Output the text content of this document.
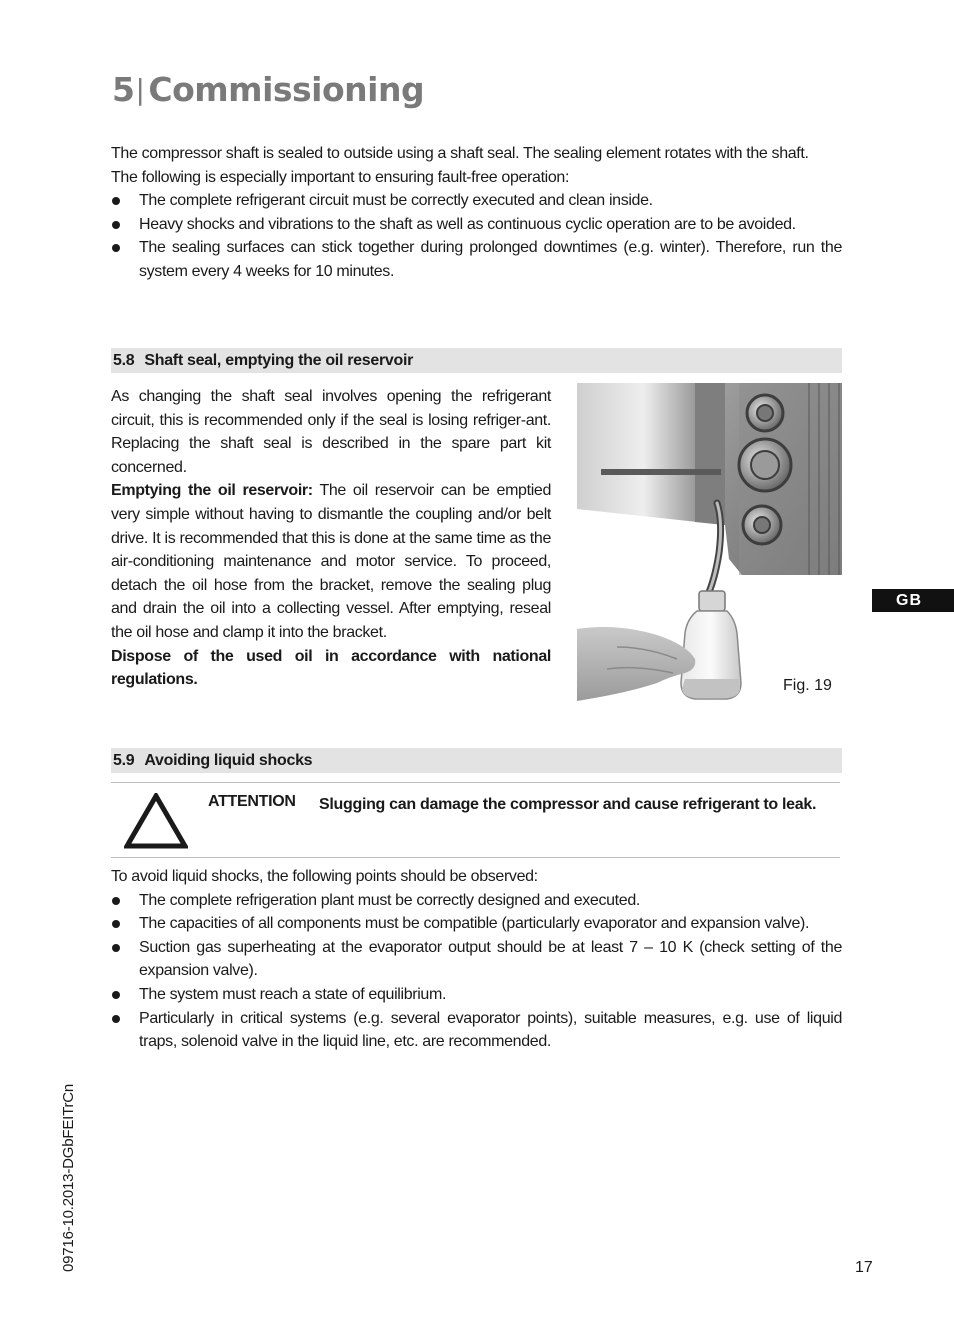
5| Commissioning

The compressor shaft is sealed to outside using a shaft seal. The sealing element rotates with the shaft.

The following is especially important to ensuring fault-free operation:

The complete refrigerant circuit must be correctly executed and clean inside.
Heavy shocks and vibrations to the shaft as well as continuous cyclic operation are to be avoided.
The sealing surfaces can stick together during prolonged downtimes (e.g. winter). Therefore, run the system every 4 weeks for 10 minutes.
5.8 Shaft seal, emptying the oil reservoir

As changing the shaft seal involves opening the refrigerant circuit, this is recommended only if the seal is losing refriger-ant. Replacing the shaft seal is described in the spare part kit concerned.

Emptying the oil reservoir: The oil reservoir can be emptied very simple without having to dismantle the coupling and/or belt drive. It is recommended that this is done at the same time as the air-conditioning maintenance and motor service. To proceed, detach the oil hose from the bracket, remove the sealing plug and drain the oil into a collecting vessel. After emptying, reseal the oil hose and clamp it into the bracket.

Dispose of the used oil in accordance with national regulations.	Fig. 19
5.9 Avoiding liquid shocks
ATTENTION Slugging can damage the compressor and cause refrigerant to leak.

To avoid liquid shocks, the following points should be observed:

The complete refrigeration plant must be correctly designed and executed.
The capacities of all components must be compatible (particularly evaporator and expansion valve).
Suction gas superheating at the evaporator output should be at least 7 – 10 K (check setting of the expansion valve).
The system must reach a state of equilibrium.
Particularly in critical systems (e.g. several evaporator points), suitable measures, e.g. use of liquid traps, solenoid valve in the liquid line, etc. are recommended.
GB
09716-10.2013-DGbFEITrCn	17
